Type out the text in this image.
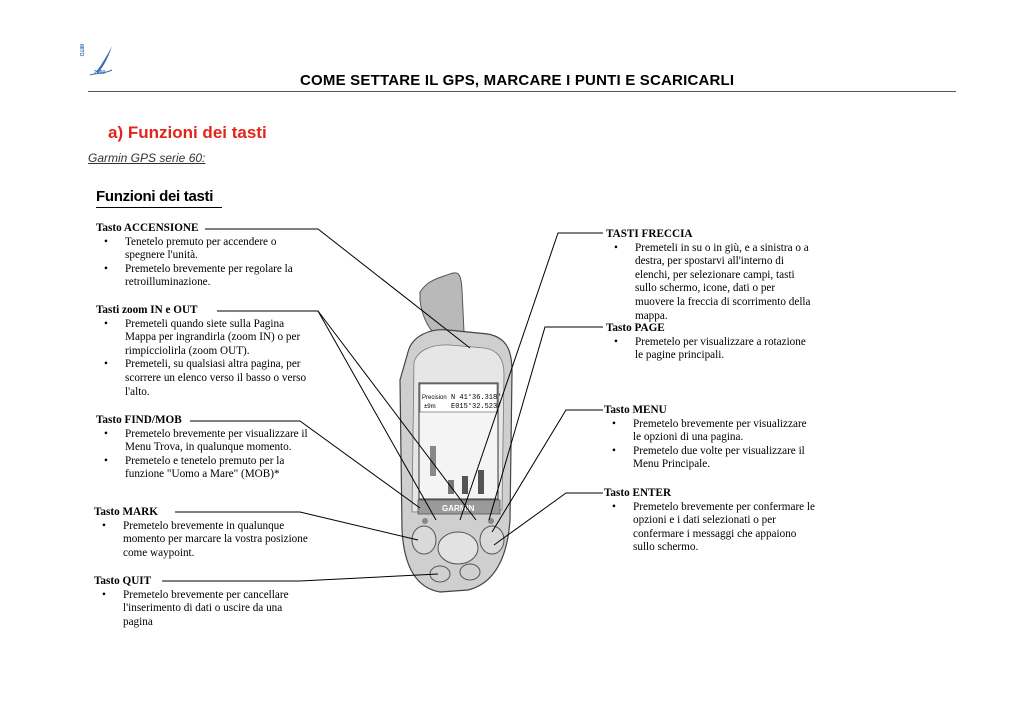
MITO
2000	COME SETTARE IL GPS, MARCARE I PUNTI E SCARICARLI
a) Funzioni dei tasti
Garmin GPS serie 60:
Funzioni dei tasti
Precision
±9m
N 41°36.318'
E015°32.523'
GARMIN
Tasto ACCENSIONE
• Tenetelo premuto per accendere o spegnere l'unità.
• Premetelo brevemente per regolare la retroilluminazione.
Tasti zoom IN e OUT
• Premeteli quando siete sulla Pagina Mappa per ingrandirla (zoom IN) o per rimpicciolirla (zoom OUT).
• Premeteli, su qualsiasi altra pagina, per scorrere un elenco verso il basso o verso l'alto.
Tasto FIND/MOB
• Premetelo brevemente per visualizzare il Menu Trova, in qualunque momento.
• Premetelo e tenetelo premuto per la funzione "Uomo a Mare" (MOB)*
Tasto MARK
• Premetelo brevemente in qualunque momento per marcare la vostra posizione come waypoint.
Tasto QUIT
• Premetelo brevemente per cancellare l'inserimento di dati o uscire da una pagina
TASTI FRECCIA
• Premeteli in su o in giù, e a sinistra o a destra, per spostarvi all'interno di elenchi, per selezionare campi, tasti sullo schermo, icone, dati o per muovere la freccia di scorrimento della mappa.
Tasto PAGE
• Premetelo per visualizzare a rotazione le pagine principali.
Tasto MENU
• Premetelo brevemente per visualizzare le opzioni di una pagina.
• Premetelo due volte per visualizzare il Menu Principale.
Tasto ENTER
• Premetelo brevemente per confermare le opzioni e i dati selezionati o per confermare i messaggi che appaiono sullo schermo.
